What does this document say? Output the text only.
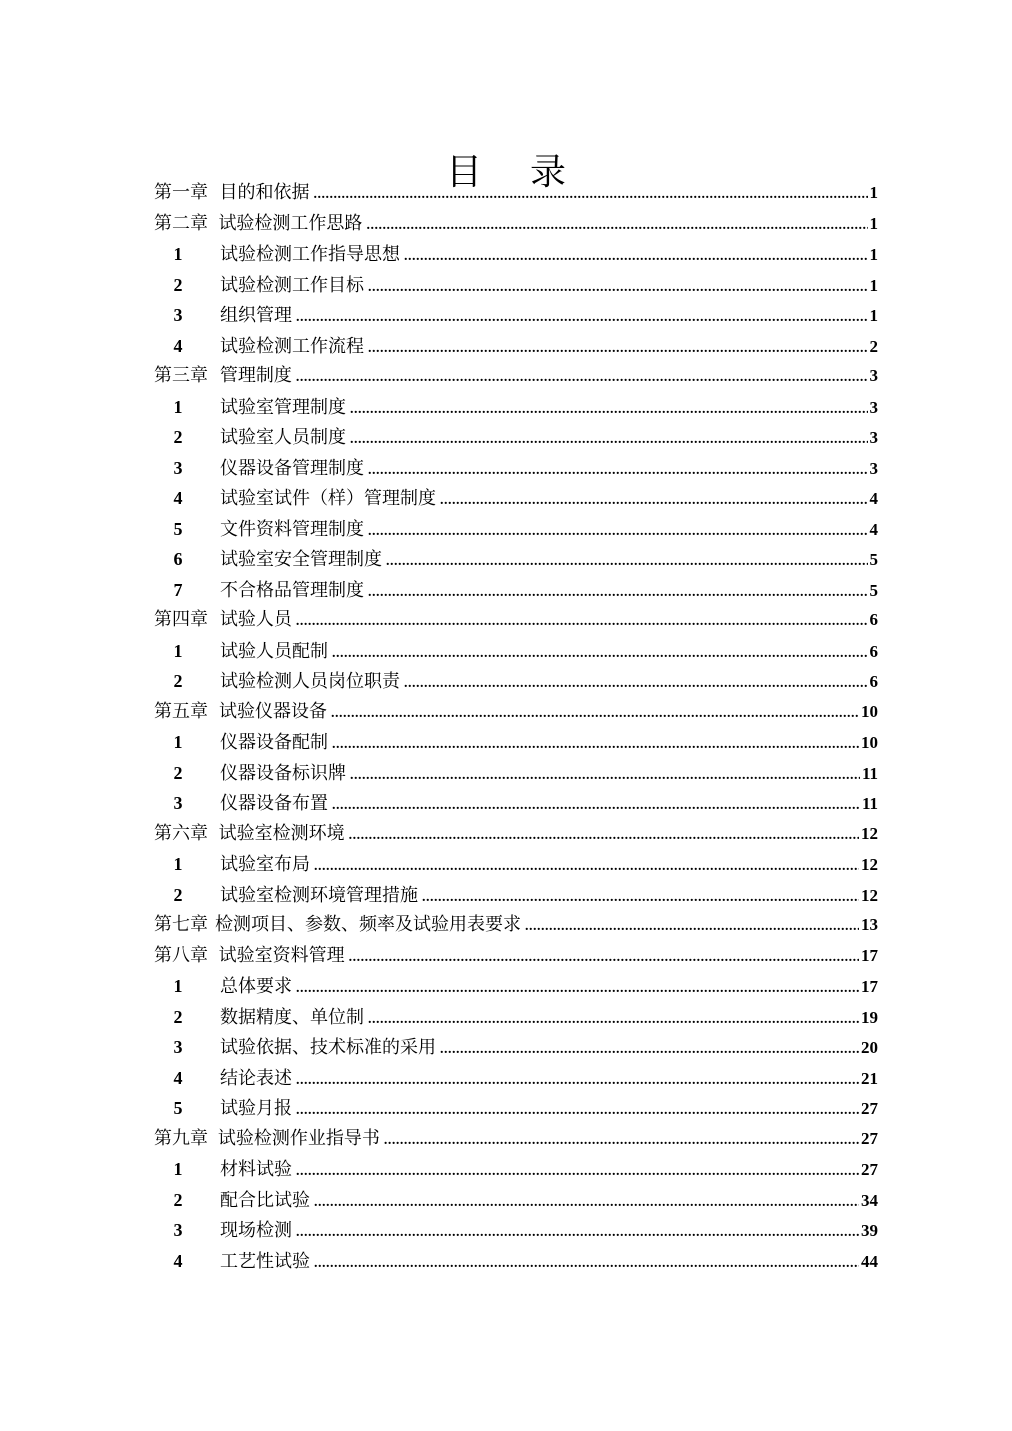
目 录
第一章 目的和依据 .....	1
第二章 试验检测工作思路 .....	1
1	试验检测工作指导思想 .....	1
2	试验检测工作目标 .....	1
3	组织管理 .....	1
4	试验检测工作流程 .....	2
第三章 管理制度 .....	3
1	试验室管理制度 .....	3
2	试验室人员制度 .....	3
3	仪器设备管理制度 .....	3
4	试验室试件（样）管理制度 .....	4
5	文件资料管理制度 .....	4
6	试验室安全管理制度 .....	5
7	不合格品管理制度 .....	5
第四章 试验人员 .....	6
1	试验人员配制 .....	6
2	试验检测人员岗位职责 .....	6
第五章 试验仪器设备 .....	10
1	仪器设备配制 .....	10
2	仪器设备标识牌 .....	11
3	仪器设备布置 .....	11
第六章 试验室检测环境 .....	12
1	试验室布局 .....	12
2	试验室检测环境管理措施 .....	12
第七章 检测项目、参数、频率及试验用表要求 .....	13
第八章 试验室资料管理 .....	17
1	总体要求 .....	17
2	数据精度、单位制 .....	19
3	试验依据、技术标准的采用 .....	20
4	结论表述 .....	21
5	试验月报 .....	27
第九章 试验检测作业指导书 .....	27
1	材料试验 .....	27
2	配合比试验 .....	34
3	现场检测 .....	39
4	工艺性试验 .....	44
